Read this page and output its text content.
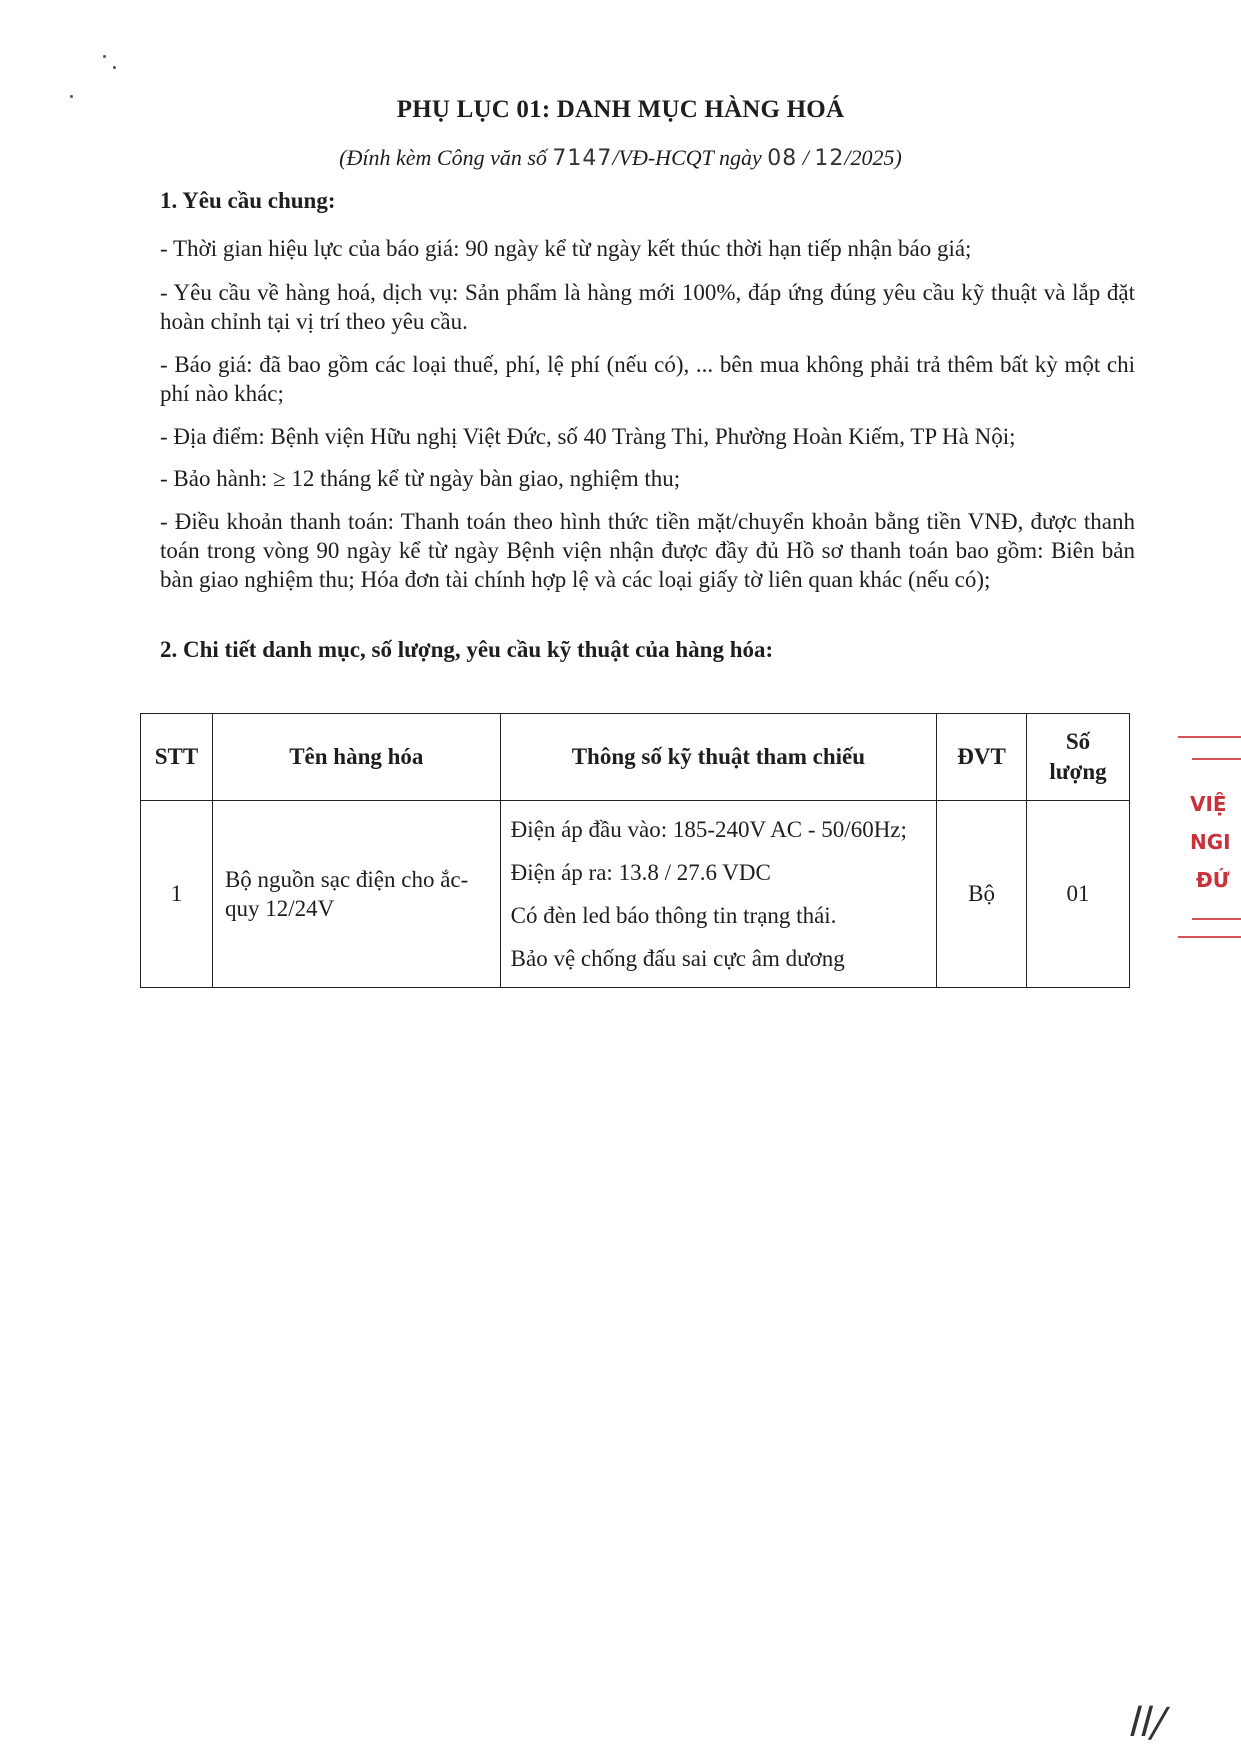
PHỤ LỤC 01: DANH MỤC HÀNG HOÁ
(Đính kèm Công văn số 7147/VĐ-HCQT ngày 08 / 12/2025)
1. Yêu cầu chung:
- Thời gian hiệu lực của báo giá: 90 ngày kể từ ngày kết thúc thời hạn tiếp nhận báo giá;
- Yêu cầu về hàng hoá, dịch vụ: Sản phẩm là hàng mới 100%, đáp ứng đúng yêu cầu kỹ thuật và lắp đặt hoàn chỉnh tại vị trí theo yêu cầu.
- Báo giá: đã bao gồm các loại thuế, phí, lệ phí (nếu có), ... bên mua không phải trả thêm bất kỳ một chi phí nào khác;
- Địa điểm: Bệnh viện Hữu nghị Việt Đức, số 40 Tràng Thi, Phường Hoàn Kiếm, TP Hà Nội;
- Bảo hành: ≥ 12 tháng kể từ ngày bàn giao, nghiệm thu;
- Điều khoản thanh toán: Thanh toán theo hình thức tiền mặt/chuyển khoản bằng tiền VNĐ, được thanh toán trong vòng 90 ngày kể từ ngày Bệnh viện nhận được đầy đủ Hồ sơ thanh toán bao gồm: Biên bản bàn giao nghiệm thu; Hóa đơn tài chính hợp lệ và các loại giấy tờ liên quan khác (nếu có);
2. Chi tiết danh mục, số lượng, yêu cầu kỹ thuật của hàng hóa:
STT	Tên hàng hóa	Thông số kỹ thuật tham chiếu	ĐVT	Số
lượng

1	Bộ nguồn sạc điện cho ắc-quy 12/24V	Điện áp đầu vào: 185-240V AC - 50/60Hz;
Điện áp ra: 13.8 / 27.6 VDC
Có đèn led báo thông tin trạng thái.
Bảo vệ chống đấu sai cực âm dương	Bộ	01
VIỆ
NGI
ĐỨ
ll/
